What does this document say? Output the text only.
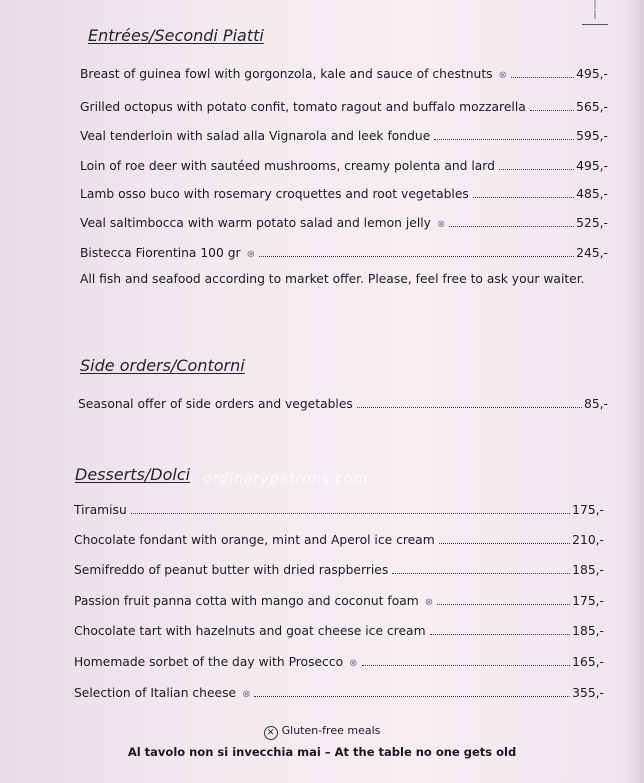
|
|
Entrées/Secondi Piatti
Breast of guinea fowl with gorgonzola, kale and sauce of chestnuts ⊗	495,-
Grilled octopus with potato confit, tomato ragout and buffalo mozzarella	565,-
Veal tenderloin with salad alla Vignarola and leek fondue	595,-
Loin of roe deer with sautéed mushrooms, creamy polenta and lard	495,-
Lamb osso buco with rosemary croquettes and root vegetables	485,-
Veal saltimbocca with warm potato salad and lemon jelly ⊗	525,-
Bistecca Fiorentina 100 gr ⊗	245,-
All fish and seafood according to market offer. Please, feel free to ask your waiter.
Side orders/Contorni
Seasonal offer of side orders and vegetables	85,-
Desserts/Dolci ordinarypatrons.com
Tiramisu	175,-
Chocolate fondant with orange, mint and Aperol ice cream	210,-
Semifreddo of peanut butter with dried raspberries	185,-
Passion fruit panna cotta with mango and coconut foam ⊗	175,-
Chocolate tart with hazelnuts and goat cheese ice cream	185,-
Homemade sorbet of the day with Prosecco ⊗	165,-
Selection of Italian cheese ⊗	355,-
✕ Gluten-free meals
Al tavolo non si invecchia mai – At the table no one gets old
